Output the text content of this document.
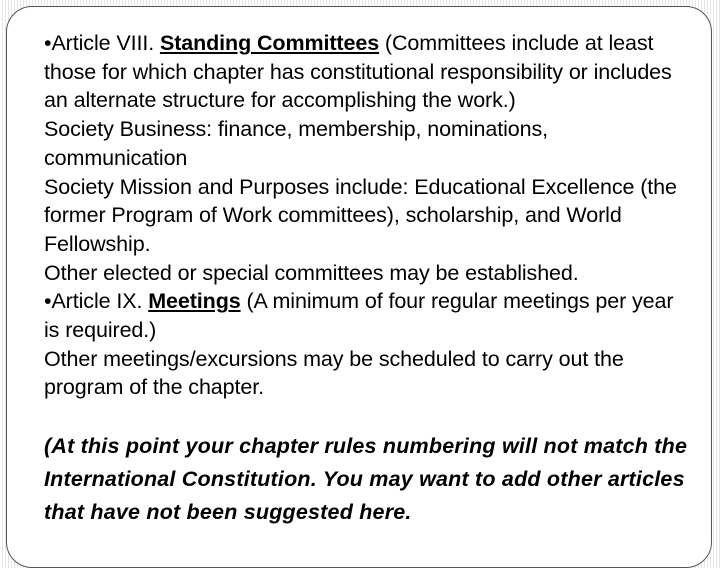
•Article VIII. Standing Committees (Committees include at least those for which chapter has constitutional responsibility or includes an alternate structure for accomplishing the work.)

Society Business: finance, membership, nominations, communication

Society Mission and Purposes include: Educational Excellence (the former Program of Work committees), scholarship, and World Fellowship.

Other elected or special committees may be established.

•Article IX. Meetings (A minimum of four regular meetings per year is required.)

Other meetings/excursions may be scheduled to carry out the program of the chapter.

(At this point your chapter rules numbering will not match the International Constitution. You may want to add other articles that have not been suggested here.
